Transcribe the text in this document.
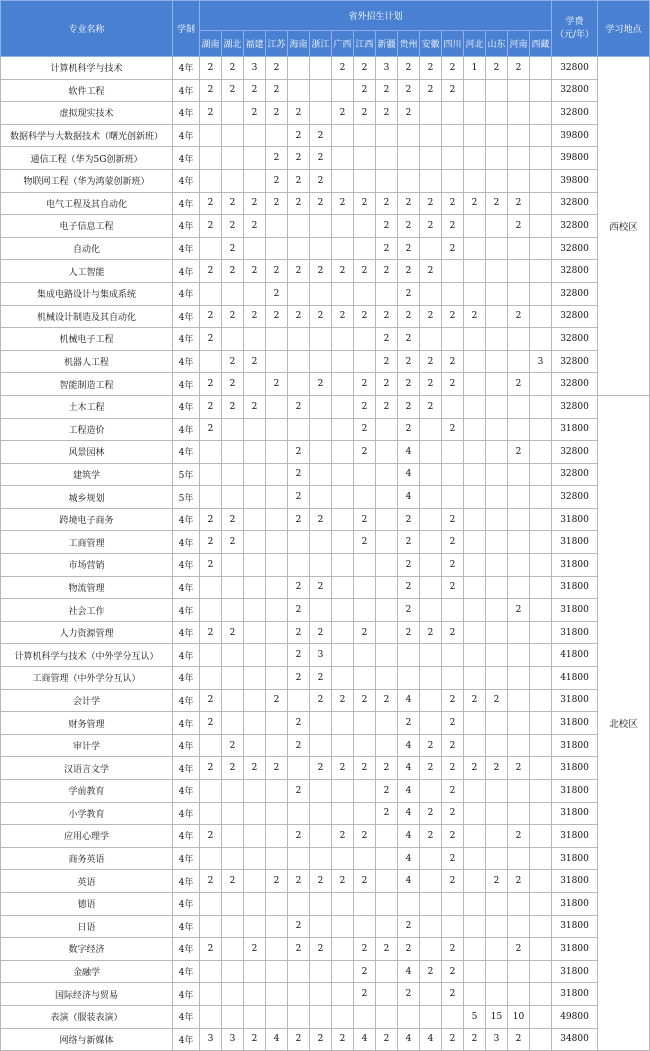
专业名称	学制	省外招生计划																学费
（元/年）	学习地点
		湖南	湖北	福建	江苏	海南	浙江	广西	江西	新疆	贵州	安徽	四川	河北	山东	河南	西藏		
计算机科学与技术	4年	2	2	3	2			2	2	3	2	2	2	1	2	2		32800	西校区
软件工程	4年	2	2	2	2				2	2	2	2	2					32800	
虚拟现实技术	4年	2		2	2	2		2	2	2	2							32800	
数据科学与大数据技术（曙光创新班）	4年					2	2											39800	
通信工程（华为5G创新班）	4年				2	2	2											39800	
物联网工程（华为鸿蒙创新班）	4年				2	2	2											39800	
电气工程及其自动化	4年	2	2	2	2	2	2	2	2	2	2	2	2	2	2	2		32800	
电子信息工程	4年	2	2	2						2	2	2	2			2		32800	
自动化	4年		2							2	2		2					32800	
人工智能	4年	2	2	2	2	2	2	2	2	2	2	2						32800	
集成电路设计与集成系统	4年				2						2							32800	
机械设计制造及其自动化	4年	2	2	2	2	2	2	2	2	2	2	2	2	2		2		32800	
机械电子工程	4年	2								2	2							32800	
机器人工程	4年		2	2						2	2	2	2				3	32800	
智能制造工程	4年	2	2		2		2		2	2	2	2	2			2		32800	
土木工程	4年	2	2	2		2			2	2	2	2						32800	北校区
工程造价	4年	2							2		2		2					31800	
风景园林	4年					2			2		4					2		32800	
建筑学	5年					2					4							32800	
城乡规划	5年					2					4							32800	
跨境电子商务	4年	2	2			2	2		2		2		2					31800	
工商管理	4年	2	2						2		2		2					31800	
市场营销	4年	2									2		2					31800	
物流管理	4年					2	2				2		2					31800	
社会工作	4年					2					2					2		31800	
人力资源管理	4年	2	2			2	2		2		2	2	2					31800	
计算机科学与技术（中外学分互认）	4年					2	3											41800	
工商管理（中外学分互认）	4年					2	2											41800	
会计学	4年	2			2		2	2	2	2	4		2	2	2			31800	
财务管理	4年	2				2					2		2					31800	
审计学	4年		2			2					4	2	2					31800	
汉语言文学	4年	2	2	2	2		2	2	2	2	4	2	2	2	2	2		31800	
学前教育	4年					2				2	4		2					31800	
小学教育	4年									2	4	2	2					31800	
应用心理学	4年	2				2		2	2		4	2	2			2		31800	
商务英语	4年										4		2					31800	
英语	4年	2	2		2	2	2	2	2		4		2		2	2		31800	
德语	4年																	31800	
日语	4年					2					2							31800	
数字经济	4年	2		2		2	2		2	2	2		2			2		31800	
金融学	4年								2		4	2	2					31800	
国际经济与贸易	4年								2		2		2					31800	
表演（服装表演）	4年													5	15	10		49800	
网络与新媒体	4年	3	3	2	4	2	2	2	4	2	4	4	2	2	3	2		34800	
